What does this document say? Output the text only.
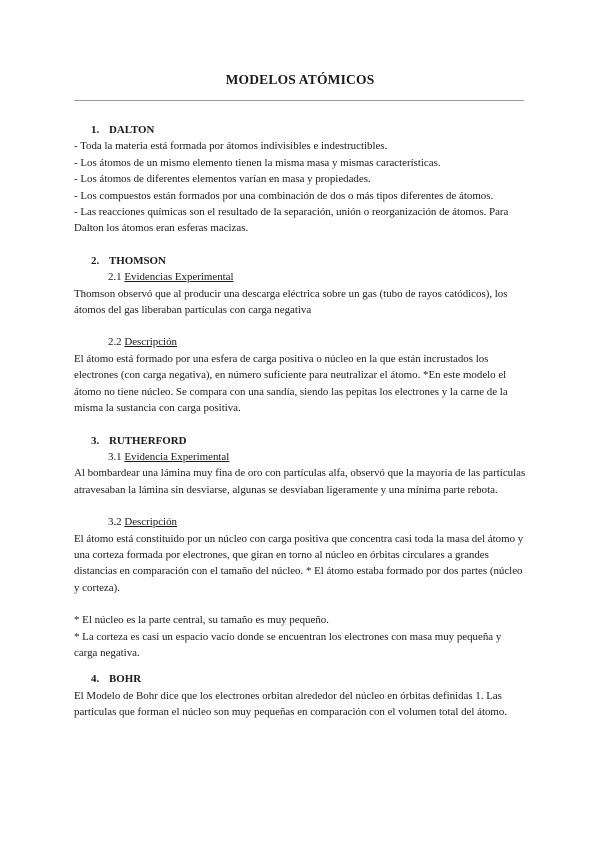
MODELOS ATÓMICOS

1. DALTON

- Toda la materia está formada por átomos indivisibles e indestructibles.

- Los átomos de un mismo elemento tienen la misma masa y mismas características.

- Los átomos de diferentes elementos varían en masa y propiedades.

- Los compuestos están formados por una combinación de dos o más tipos diferentes de átomos.

- Las reacciones químicas son el resultado de la separación, unión o reorganización de átomos. Para Dalton los átomos eran esferas macizas.

2. THOMSON

2.1 Evidencias Experimental

Thomson observó que al producir una descarga eléctrica sobre un gas (tubo de rayos catódicos), los átomos del gas liberaban partículas con carga negativa

2.2 Descripción

El átomo está formado por una esfera de carga positiva o núcleo en la que están incrustados los electrones (con carga negativa), en número suficiente para neutralizar el átomo. *En este modelo el átomo no tiene núcleo. Se compara con una sandía, siendo las pepitas los electrones y la carne de la misma la sustancia con carga positiva.

3. RUTHERFORD

3.1 Evidencia Experimental

Al bombardear una lámina muy fina de oro con partículas alfa, observó que la mayoría de las partículas atravesaban la lámina sin desviarse, algunas se desviaban ligeramente y una mínima parte rebota.

3.2 Descripción

El átomo está constituido por un núcleo con carga positiva que concentra casi toda la masa del átomo y una corteza formada por electrones, que giran en torno al núcleo en órbitas circulares a grandes distancias en comparación con el tamaño del núcleo. * El átomo estaba formado por dos partes (núcleo y corteza).

* El núcleo es la parte central, su tamaño es muy pequeño.

* La corteza es casi un espacio vacío donde se encuentran los electrones con masa muy pequeña y carga negativa.

4. BOHR

El Modelo de Bohr dice que los electrones orbitan alrededor del núcleo en órbitas definidas 1. Las partículas que forman el núcleo son muy pequeñas en comparación con el volumen total del átomo.
